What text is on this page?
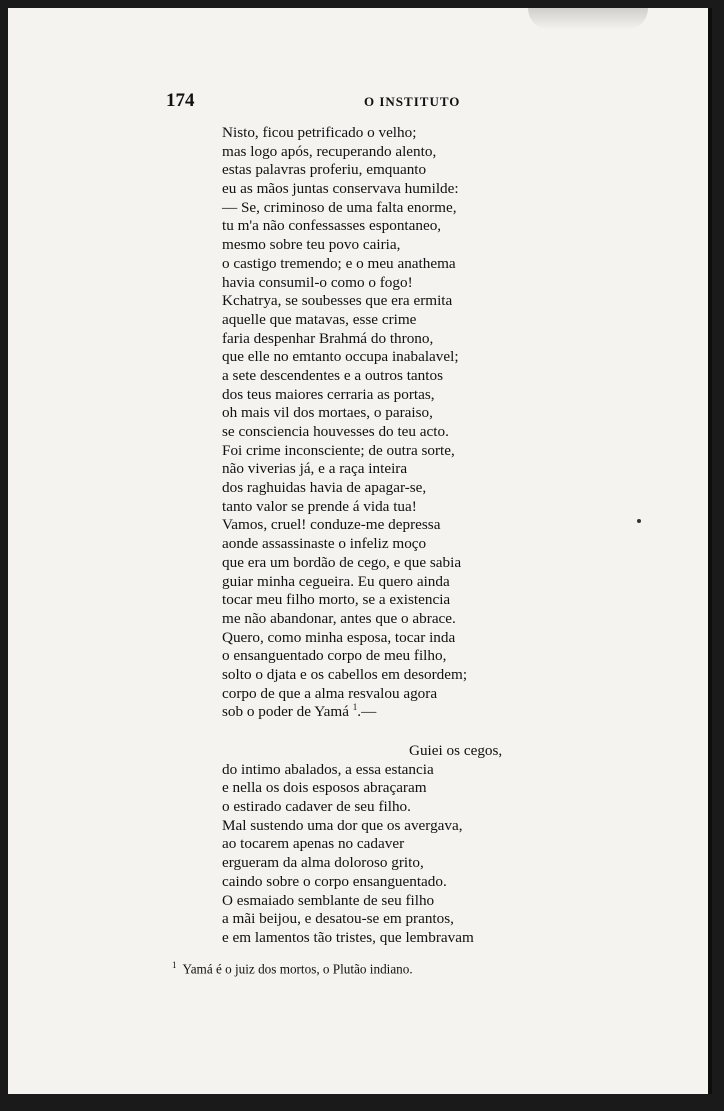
174	O INSTITUTO
Nisto, ficou petrificado o velho;
mas logo após, recuperando alento,
estas palavras proferiu, emquanto
eu as mãos juntas conservava humilde:
— Se, criminoso de uma falta enorme,
tu m'a não confessasses espontaneo,
mesmo sobre teu povo cairia,
o castigo tremendo; e o meu anathema
havia consumil-o como o fogo!
Kchatrya, se soubesses que era ermita
aquelle que matavas, esse crime
faria despenhar Brahmá do throno,
que elle no emtanto occupa inabalavel;
a sete descendentes e a outros tantos
dos teus maiores cerraria as portas,
oh mais vil dos mortaes, o paraiso,
se consciencia houvesses do teu acto.
Foi crime inconsciente; de outra sorte,
não viverias já, e a raça inteira
dos raghuidas havia de apagar-se,
tanto valor se prende á vida tua!
Vamos, cruel! conduze-me depressa
aonde assassinaste o infeliz moço
que era um bordão de cego, e que sabia
guiar minha cegueira. Eu quero ainda
tocar meu filho morto, se a existencia
me não abandonar, antes que o abrace.
Quero, como minha esposa, tocar inda
o ensanguentado corpo de meu filho,
solto o djata e os cabellos em desordem;
corpo de que a alma resvalou agora
sob o poder de Yamá $^1$.—
Guiei os cegos,
do intimo abalados, a essa estancia
e nella os dois esposos abraçaram
o estirado cadaver de seu filho.
Mal sustendo uma dor que os avergava,
ao tocarem apenas no cadaver
ergueram da alma doloroso grito,
caindo sobre o corpo ensanguentado.
O esmaiado semblante de seu filho
a mãi beijou, e desatou-se em prantos,
e em lamentos tão tristes, que lembravam
$^1$ Yamá é o juiz dos mortos, o Plutão indiano.
